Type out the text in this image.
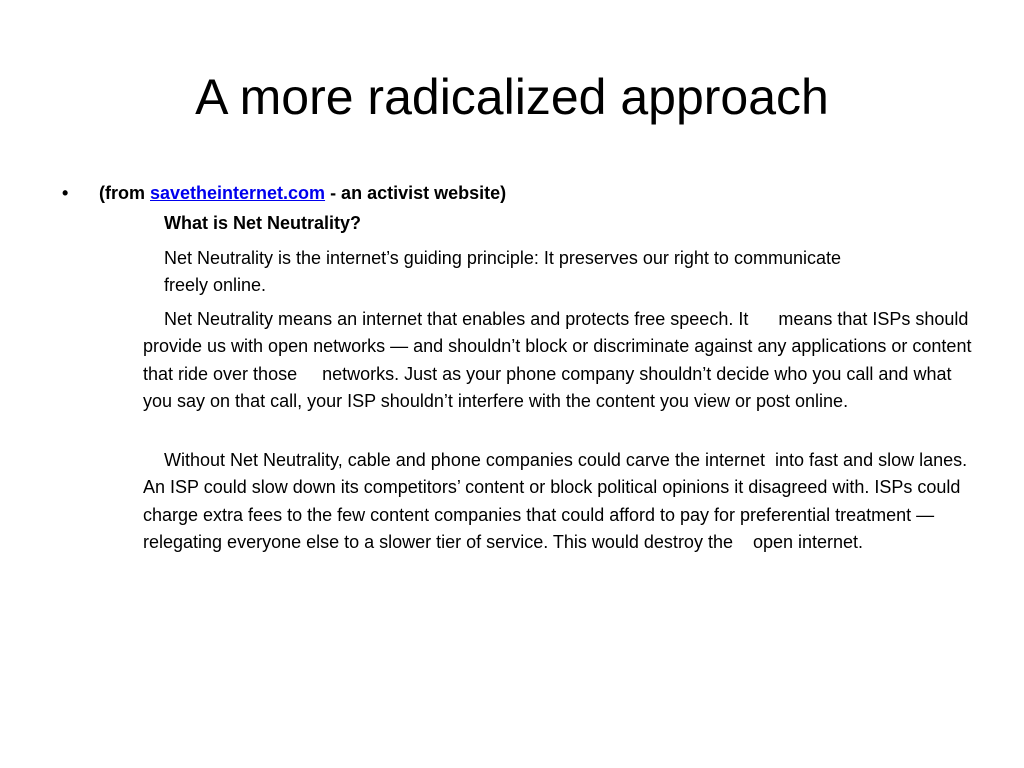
A more radicalized approach
•	(from savetheinternet.com - an activist website)
What is Net Neutrality?

Net Neutrality is the internet’s guiding principle: It preserves our right to communicate freely online.

Net Neutrality means an internet that enables and protects free speech. It      means that ISPs should provide us with open networks — and shouldn’t block or discriminate against any applications or content that ride over those     networks. Just as your phone company shouldn’t decide who you call and what you say on that call, your ISP shouldn’t interfere with the content you view or post online.

Without Net Neutrality, cable and phone companies could carve the internet  into fast and slow lanes. An ISP could slow down its competitors’ content or block political opinions it disagreed with. ISPs could charge extra fees to the few content companies that could afford to pay for preferential treatment — relegating everyone else to a slower tier of service. This would destroy the    open internet.
